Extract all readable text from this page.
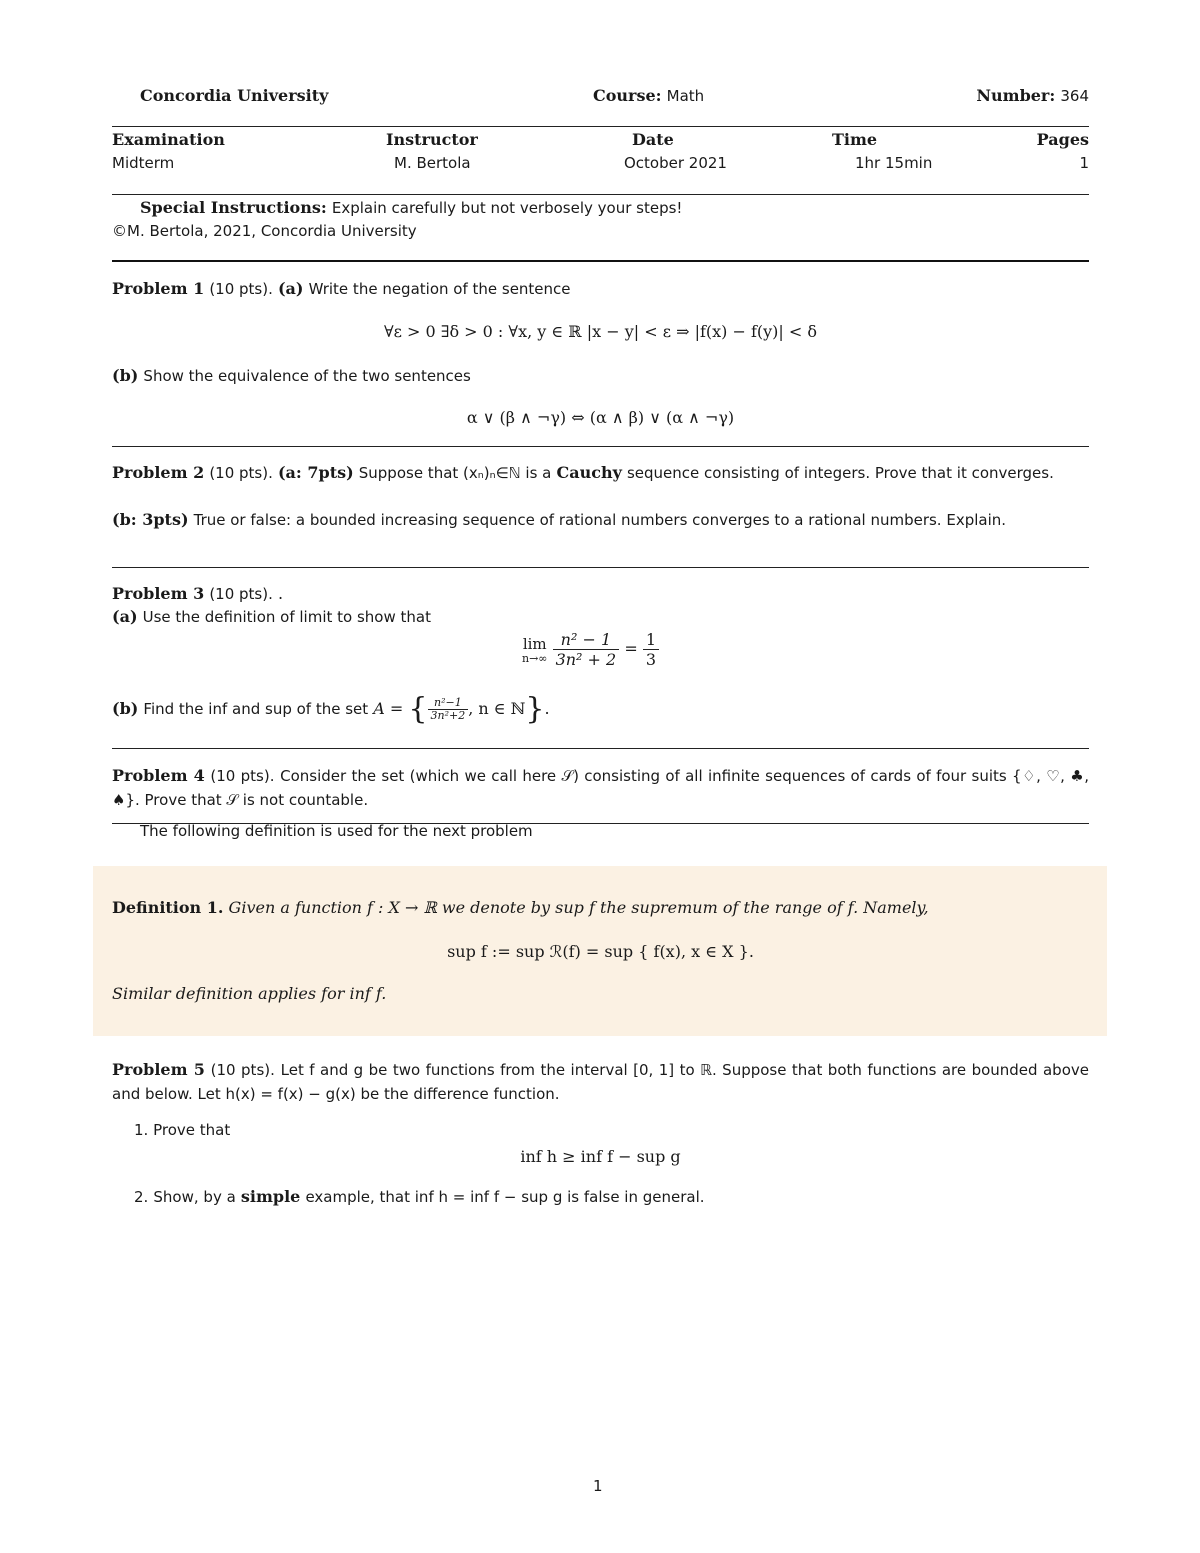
Concordia University	Course: Math	Number: 364
Examination	Instructor	Date	Time	Pages
Midterm	M. Bertola	October 2021	1hr 15min	1
Special Instructions: Explain carefully but not verbosely your steps!
©M. Bertola, 2021, Concordia University
Problem 1 (10 pts). (a) Write the negation of the sentence
∀ε > 0 ∃δ > 0 : ∀x, y ∈ ℝ |x − y| < ε ⇒ |f(x) − f(y)| < δ
(b) Show the equivalence of the two sentences
α ∨ (β ∧ ¬γ) ⇔ (α ∧ β) ∨ (α ∧ ¬γ)
Problem 2 (10 pts). (a: 7pts) Suppose that (xₙ)ₙ∈ℕ is a Cauchy sequence consisting of integers. Prove that it converges.
(b: 3pts) True or false: a bounded increasing sequence of rational numbers converges to a rational numbers. Explain.
Problem 3 (10 pts). .
(a) Use the definition of limit to show that
lim
n→∞
$\frac{\text{n² − 1}}{\text{3n² + 2}} = \frac{1}{3}$
(b) Find the inf and sup of the set A = { $\frac{\text{n²−1}}{\text{3n²+2}}$ , n ∈ ℕ}.
Problem 4 (10 pts). Consider the set (which we call here 𝒮) consisting of all infinite sequences of cards of four suits {♢, ♡, ♣, ♠}. Prove that 𝒮 is not countable.
The following definition is used for the next problem
Definition 1. Given a function f : X → ℝ we denote by sup f the supremum of the range of f. Namely,
sup f := sup ℛ(f) = sup { f(x), x ∈ X }.
Similar definition applies for inf f.
Problem 5 (10 pts). Let f and g be two functions from the interval [0, 1] to ℝ. Suppose that both functions are bounded above and below. Let h(x) = f(x) − g(x) be the difference function.
1. Prove that
inf h ≥ inf f − sup g
2. Show, by a simple example, that inf h = inf f − sup g is false in general.
1
